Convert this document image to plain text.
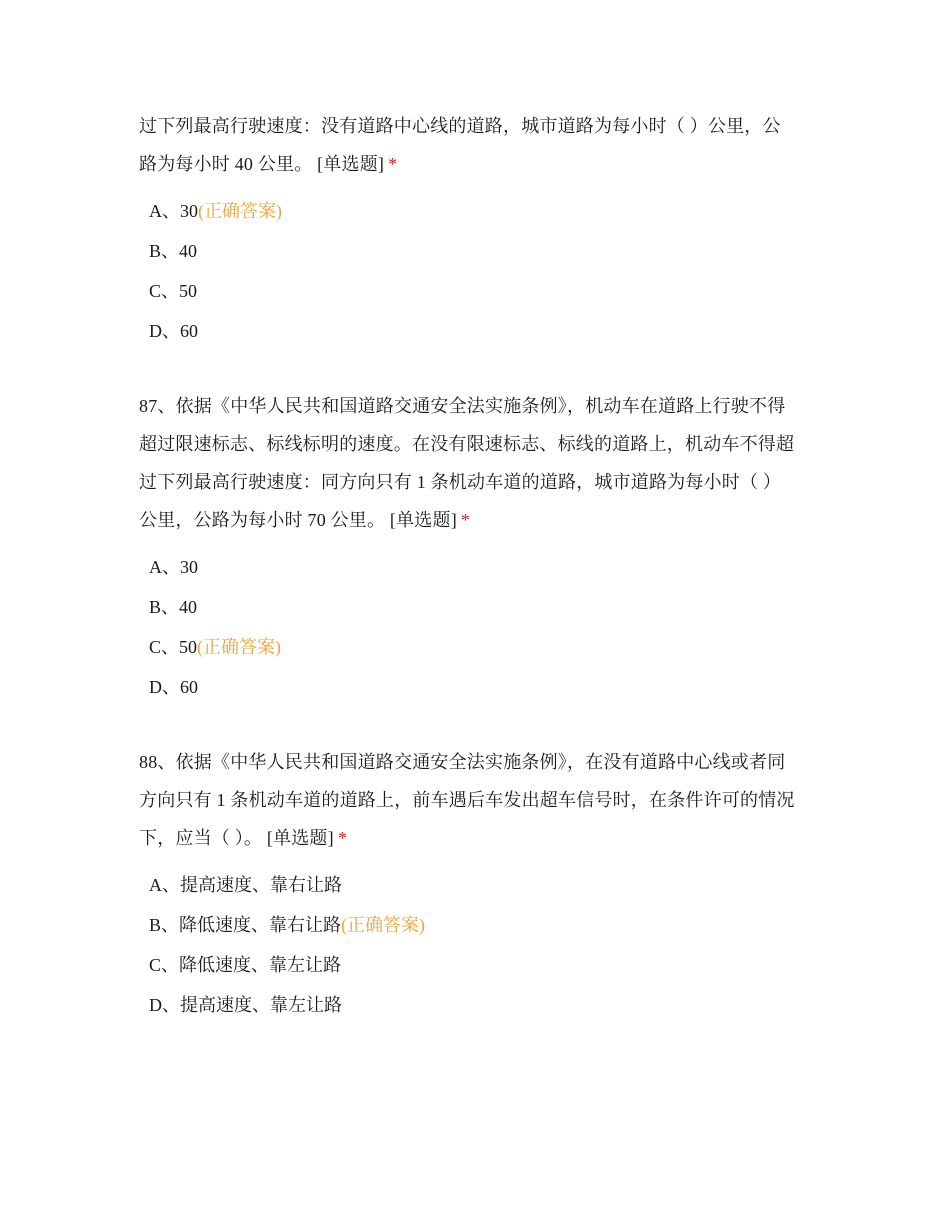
过下列最高行驶速度：没有道路中心线的道路，城市道路为每小时（ ）公里，公
路为每小时 40 公里。 [单选题] *

A、30(正确答案)
B、40
C、50
D、60

87、依据《中华人民共和国道路交通安全法实施条例》，机动车在道路上行驶不得
超过限速标志、标线标明的速度。在没有限速标志、标线的道路上，机动车不得超
过下列最高行驶速度：同方向只有 1 条机动车道的道路，城市道路为每小时（ ）
公里，公路为每小时 70 公里。 [单选题] *

A、30
B、40
C、50(正确答案)
D、60

88、依据《中华人民共和国道路交通安全法实施条例》，在没有道路中心线或者同
方向只有 1 条机动车道的道路上，前车遇后车发出超车信号时，在条件许可的情况
下，应当（ ）。 [单选题] *

A、提高速度、靠右让路
B、降低速度、靠右让路(正确答案)
C、降低速度、靠左让路
D、提高速度、靠左让路
